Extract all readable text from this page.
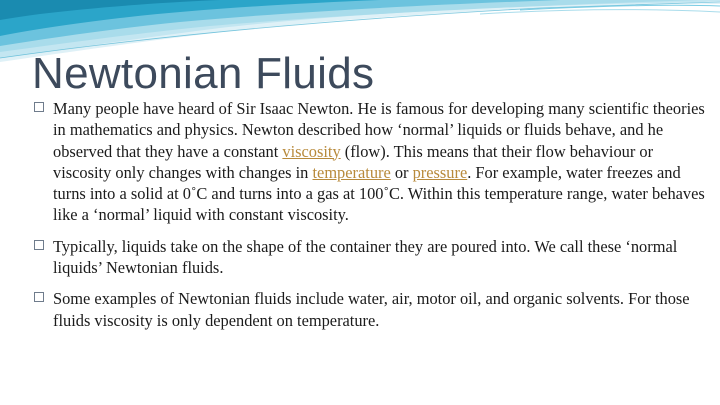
Newtonian Fluids
Many people have heard of Sir Isaac Newton. He is famous for developing many scientific theories in mathematics and physics. Newton described how ‘normal’ liquids or fluids behave, and he observed that they have a constant viscosity (flow). This means that their flow behaviour or viscosity only changes with changes in temperature or pressure. For example, water freezes and turns into a solid at 0˚C and turns into a gas at 100˚C. Within this temperature range, water behaves like a ‘normal’ liquid with constant viscosity.
Typically, liquids take on the shape of the container they are poured into. We call these ‘normal liquids’ Newtonian fluids.
Some examples of Newtonian fluids include water, air, motor oil, and organic solvents. For those fluids viscosity is only dependent on temperature.
